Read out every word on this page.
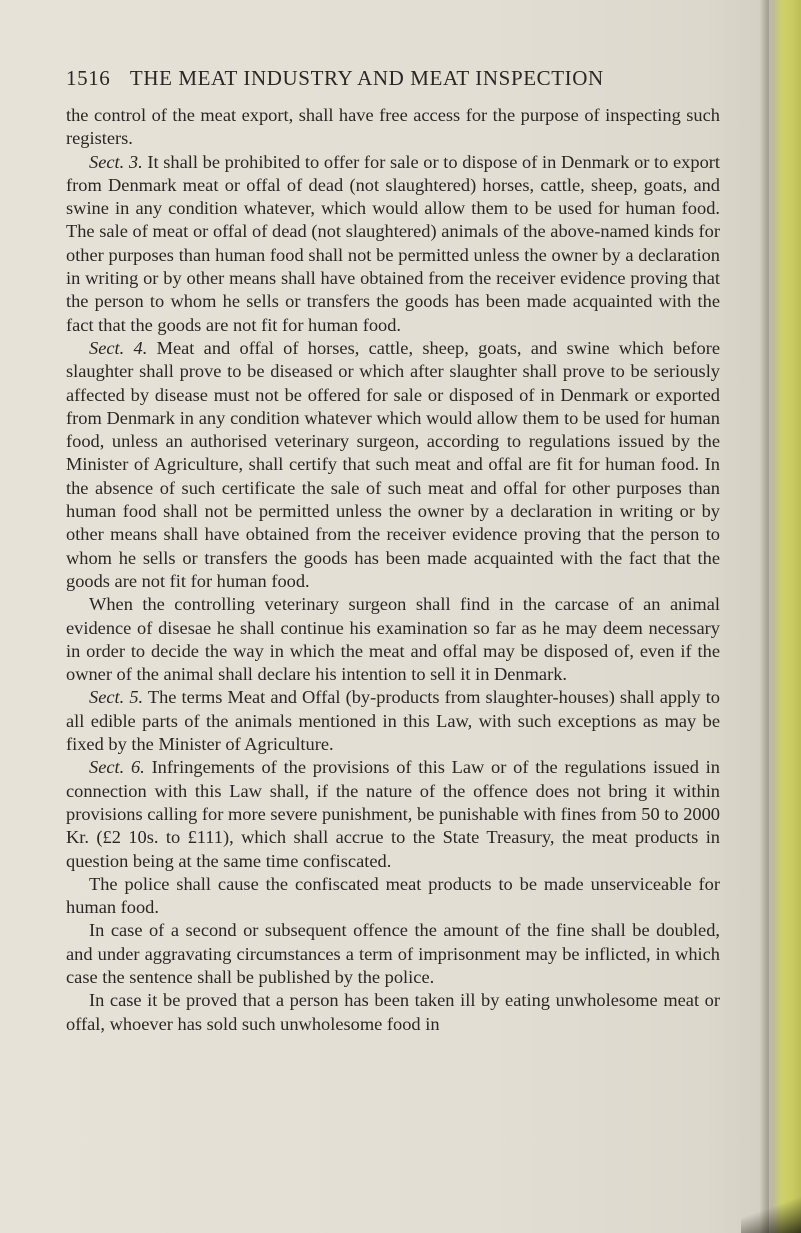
1516 THE MEAT INDUSTRY AND MEAT INSPECTION

the control of the meat export, shall have free access for the purpose of inspecting such registers.

Sect. 3. It shall be prohibited to offer for sale or to dispose of in Denmark or to export from Denmark meat or offal of dead (not slaughtered) horses, cattle, sheep, goats, and swine in any condition whatever, which would allow them to be used for human food. The sale of meat or offal of dead (not slaughtered) animals of the above-named kinds for other purposes than human food shall not be permitted unless the owner by a declaration in writing or by other means shall have obtained from the receiver evidence proving that the person to whom he sells or transfers the goods has been made acquainted with the fact that the goods are not fit for human food.

Sect. 4. Meat and offal of horses, cattle, sheep, goats, and swine which before slaughter shall prove to be diseased or which after slaughter shall prove to be seriously affected by disease must not be offered for sale or disposed of in Denmark or exported from Denmark in any condition whatever which would allow them to be used for human food, unless an authorised veterinary surgeon, according to regulations issued by the Minister of Agriculture, shall certify that such meat and offal are fit for human food. In the absence of such certificate the sale of such meat and offal for other purposes than human food shall not be permitted unless the owner by a declaration in writing or by other means shall have obtained from the receiver evidence proving that the person to whom he sells or transfers the goods has been made acquainted with the fact that the goods are not fit for human food.

When the controlling veterinary surgeon shall find in the carcase of an animal evidence of disesae he shall continue his examination so far as he may deem necessary in order to decide the way in which the meat and offal may be disposed of, even if the owner of the animal shall declare his intention to sell it in Denmark.

Sect. 5. The terms Meat and Offal (by-products from slaughter-houses) shall apply to all edible parts of the animals mentioned in this Law, with such exceptions as may be fixed by the Minister of Agriculture.

Sect. 6. Infringements of the provisions of this Law or of the regulations issued in connection with this Law shall, if the nature of the offence does not bring it within provisions calling for more severe punishment, be punishable with fines from 50 to 2000 Kr. (£2 10s. to £111), which shall accrue to the State Treasury, the meat products in question being at the same time confiscated.

The police shall cause the confiscated meat products to be made unserviceable for human food.

In case of a second or subsequent offence the amount of the fine shall be doubled, and under aggravating circumstances a term of imprisonment may be inflicted, in which case the sentence shall be published by the police.

In case it be proved that a person has been taken ill by eating unwholesome meat or offal, whoever has sold such unwholesome food in
